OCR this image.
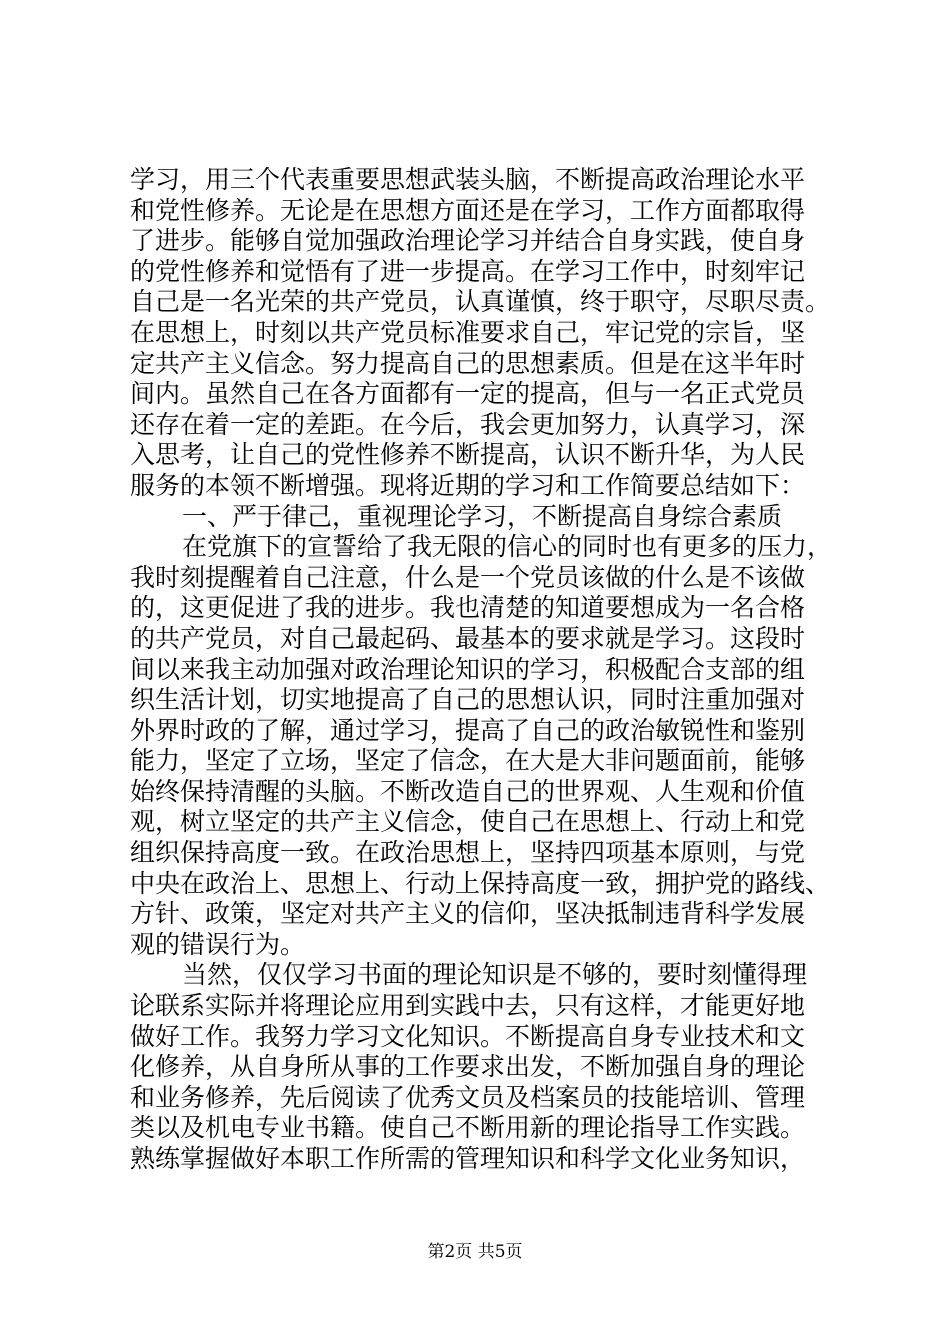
学习，用三个代表重要思想武装头脑，不断提高政治理论水平
和党性修养。无论是在思想方面还是在学习，工作方面都取得
了进步。能够自觉加强政治理论学习并结合自身实践，使自身
的党性修养和觉悟有了进一步提高。在学习工作中，时刻牢记
自己是一名光荣的共产党员，认真谨慎，终于职守，尽职尽责。
在思想上，时刻以共产党员标准要求自己，牢记党的宗旨，坚
定共产主义信念。努力提高自己的思想素质。但是在这半年时
间内。虽然自己在各方面都有一定的提高，但与一名正式党员
还存在着一定的差距。在今后，我会更加努力，认真学习，深
入思考，让自己的党性修养不断提高，认识不断升华，为人民
服务的本领不断增强。现将近期的学习和工作简要总结如下：
一、严于律己，重视理论学习，不断提高自身综合素质
在党旗下的宣誓给了我无限的信心的同时也有更多的压力，
我时刻提醒着自己注意，什么是一个党员该做的什么是不该做
的，这更促进了我的进步。我也清楚的知道要想成为一名合格
的共产党员，对自己最起码、最基本的要求就是学习。这段时
间以来我主动加强对政治理论知识的学习，积极配合支部的组
织生活计划，切实地提高了自己的思想认识，同时注重加强对
外界时政的了解，通过学习，提高了自己的政治敏锐性和鉴别
能力，坚定了立场，坚定了信念，在大是大非问题面前，能够
始终保持清醒的头脑。不断改造自己的世界观、人生观和价值
观，树立坚定的共产主义信念，使自己在思想上、行动上和党
组织保持高度一致。在政治思想上，坚持四项基本原则，与党
中央在政治上、思想上、行动上保持高度一致，拥护党的路线、
方针、政策，坚定对共产主义的信仰，坚决抵制违背科学发展
观的错误行为。
当然，仅仅学习书面的理论知识是不够的，要时刻懂得理
论联系实际并将理论应用到实践中去，只有这样，才能更好地
做好工作。我努力学习文化知识。不断提高自身专业技术和文
化修养，从自身所从事的工作要求出发，不断加强自身的理论
和业务修养，先后阅读了优秀文员及档案员的技能培训、管理
类以及机电专业书籍。使自己不断用新的理论指导工作实践。
熟练掌握做好本职工作所需的管理知识和科学文化业务知识，
第2页 共5页
